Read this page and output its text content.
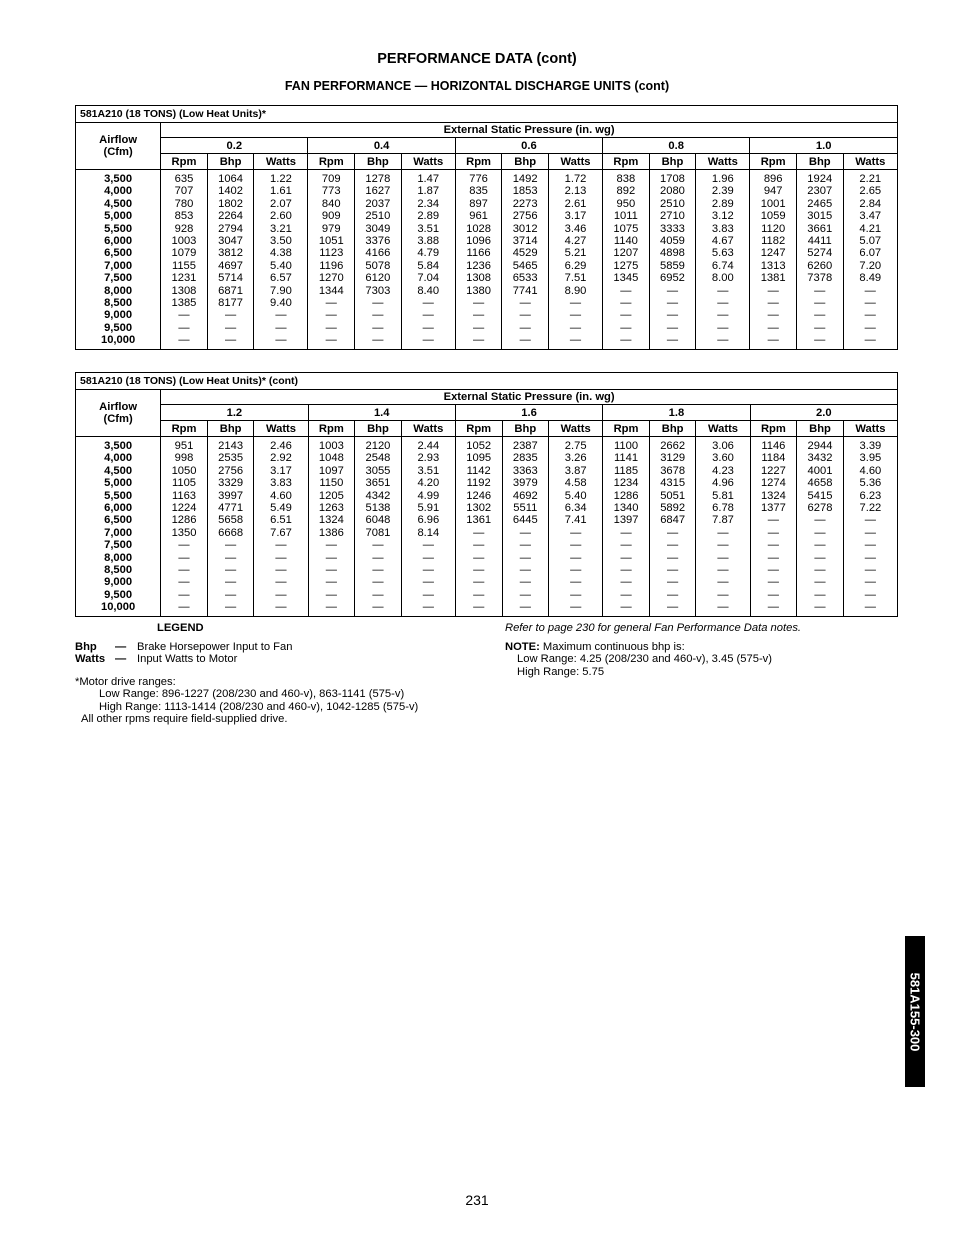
PERFORMANCE DATA (cont)
FAN PERFORMANCE — HORIZONTAL DISCHARGE UNITS (cont)
581A210 (18 TONS) (Low Heat Units)*															
Airflow
(Cfm)	External Static Pressure (in. wg)														
	0.2			0.4			0.6			0.8			1.0		
	Rpm	Bhp	Watts	Rpm	Bhp	Watts	Rpm	Bhp	Watts	Rpm	Bhp	Watts	Rpm	Bhp	Watts
3,500	635	1064	1.22	709	1278	1.47	776	1492	1.72	838	1708	1.96	896	1924	2.21
4,000	707	1402	1.61	773	1627	1.87	835	1853	2.13	892	2080	2.39	947	2307	2.65
4,500	780	1802	2.07	840	2037	2.34	897	2273	2.61	950	2510	2.89	1001	2465	2.84
5,000	853	2264	2.60	909	2510	2.89	961	2756	3.17	1011	2710	3.12	1059	3015	3.47
5,500	928	2794	3.21	979	3049	3.51	1028	3012	3.46	1075	3333	3.83	1120	3661	4.21
6,000	1003	3047	3.50	1051	3376	3.88	1096	3714	4.27	1140	4059	4.67	1182	4411	5.07
6,500	1079	3812	4.38	1123	4166	4.79	1166	4529	5.21	1207	4898	5.63	1247	5274	6.07
7,000	1155	4697	5.40	1196	5078	5.84	1236	5465	6.29	1275	5859	6.74	1313	6260	7.20
7,500	1231	5714	6.57	1270	6120	7.04	1308	6533	7.51	1345	6952	8.00	1381	7378	8.49
8,000	1308	6871	7.90	1344	7303	8.40	1380	7741	8.90	—	—	—	—	—	—
8,500	1385	8177	9.40	—	—	—	—	—	—	—	—	—	—	—	—
9,000	—	—	—	—	—	—	—	—	—	—	—	—	—	—	—
9,500	—	—	—	—	—	—	—	—	—	—	—	—	—	—	—
10,000	—	—	—	—	—	—	—	—	—	—	—	—	—	—	—
581A210 (18 TONS) (Low Heat Units)* (cont)															
Airflow
(Cfm)	External Static Pressure (in. wg)														
	1.2			1.4			1.6			1.8			2.0		
	Rpm	Bhp	Watts	Rpm	Bhp	Watts	Rpm	Bhp	Watts	Rpm	Bhp	Watts	Rpm	Bhp	Watts
3,500	951	2143	2.46	1003	2120	2.44	1052	2387	2.75	1100	2662	3.06	1146	2944	3.39
4,000	998	2535	2.92	1048	2548	2.93	1095	2835	3.26	1141	3129	3.60	1184	3432	3.95
4,500	1050	2756	3.17	1097	3055	3.51	1142	3363	3.87	1185	3678	4.23	1227	4001	4.60
5,000	1105	3329	3.83	1150	3651	4.20	1192	3979	4.58	1234	4315	4.96	1274	4658	5.36
5,500	1163	3997	4.60	1205	4342	4.99	1246	4692	5.40	1286	5051	5.81	1324	5415	6.23
6,000	1224	4771	5.49	1263	5138	5.91	1302	5511	6.34	1340	5892	6.78	1377	6278	7.22
6,500	1286	5658	6.51	1324	6048	6.96	1361	6445	7.41	1397	6847	7.87	—	—	—
7,000	1350	6668	7.67	1386	7081	8.14	—	—	—	—	—	—	—	—	—
7,500	—	—	—	—	—	—	—	—	—	—	—	—	—	—	—
8,000	—	—	—	—	—	—	—	—	—	—	—	—	—	—	—
8,500	—	—	—	—	—	—	—	—	—	—	—	—	—	—	—
9,000	—	—	—	—	—	—	—	—	—	—	—	—	—	—	—
9,500	—	—	—	—	—	—	—	—	—	—	—	—	—	—	—
10,000	—	—	—	—	—	—	—	—	—	—	—	—	—	—	—
LEGEND
Bhp	— Brake Horsepower Input to Fan
Watts — Input Watts to Motor
*Motor drive ranges:
Low Range: 896-1227 (208/230 and 460-v), 863-1141 (575-v)
High Range: 1113-1414 (208/230 and 460-v), 1042-1285 (575-v)
All other rpms require field-supplied drive.
Refer to page 230 for general Fan Performance Data notes.
NOTE: Maximum continuous bhp is:
Low Range: 4.25 (208/230 and 460-v), 3.45 (575-v)
High Range: 5.75
581A155-300
231
